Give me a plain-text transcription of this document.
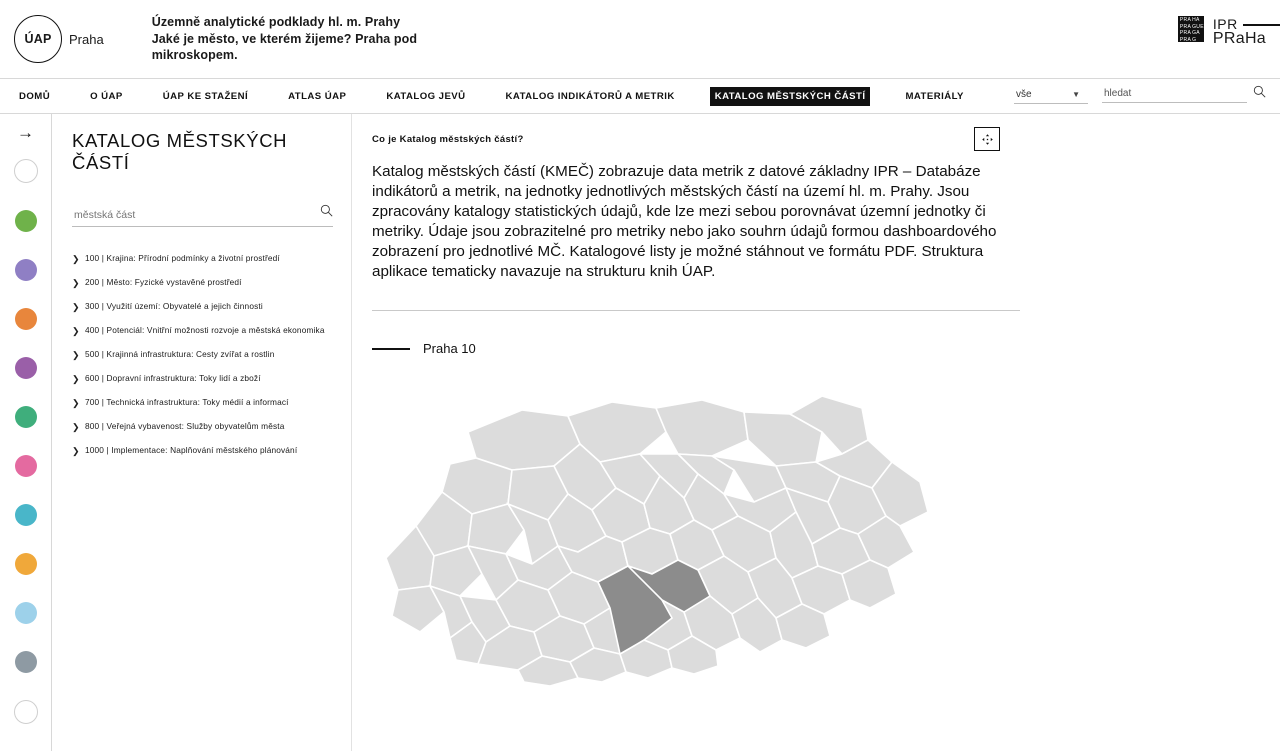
ÚAP	Praha
Územně analytické podklady hl. m. Prahy
Jaké je město, ve kterém žijeme? Praha pod
mikroskopem.
PRA HA
PRA GUE
PRA GA
PRA G
IPR
PRaHa
DOMŮ	O ÚAP	ÚAP KE STAŽENÍ	ATLAS ÚAP	KATALOG JEVŮ	KATALOG INDIKÁTORŮ A METRIK	KATALOG MĚSTSKÝCH ČÁSTÍ	MATERIÁLY
vše	▼
hledat
→ KATALOG MĚSTSKÝCH ČÁSTÍ
městská část
❯ 100 | Krajina: Přírodní podmínky a životní prostředí
❯ 200 | Město: Fyzické vystavěné prostředí
❯ 300 | Využití území: Obyvatelé a jejich činnosti
❯ 400 | Potenciál: Vnitřní možnosti rozvoje a městská ekonomika
❯ 500 | Krajinná infrastruktura: Cesty zvířat a rostlin
❯ 600 | Dopravní infrastruktura: Toky lidí a zboží
❯ 700 | Technická infrastruktura: Toky médií a informací
❯ 800 | Veřejná vybavenost: Služby obyvatelům města
❯ 1000 | Implementace: Naplňování městského plánování
Co je Katalog městských částí?
Katalog městských částí (KMEČ) zobrazuje data metrik z datové základny IPR – Databáze indikátorů a metrik, na jednotky jednotlivých městských částí na území hl. m. Prahy. Jsou zpracovány katalogy statistických údajů, kde lze mezi sebou porovnávat územní jednotky či metriky. Údaje jsou zobrazitelné pro metriky nebo jako souhrn údajů formou dashboardového zobrazení pro jednotlivé MČ. Katalogové listy je možné stáhnout ve formátu PDF. Struktura aplikace tematicky navazuje na strukturu knih ÚAP.
Praha 10
